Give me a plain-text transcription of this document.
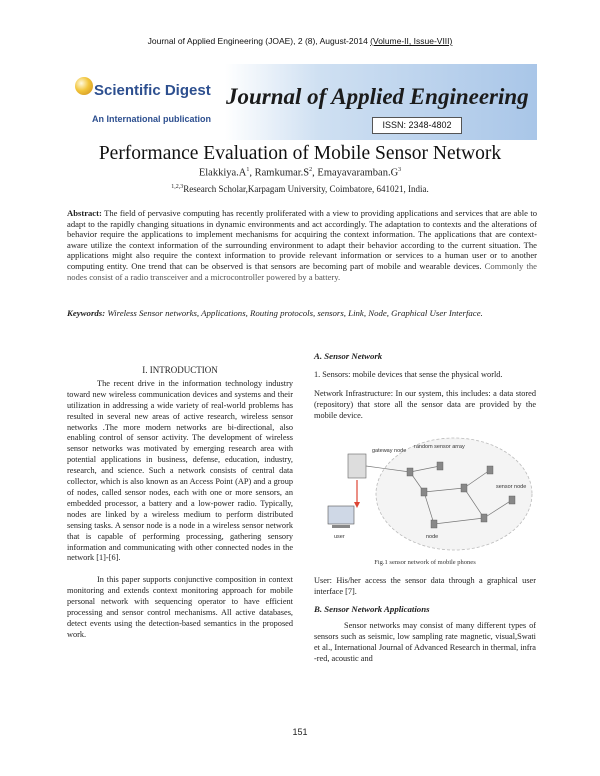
Journal of Applied Engineering (JOAE), 2 (8), August-2014 (Volume-II, Issue-VIII)
Scientific Digest
An International publication
Journal of Applied Engineering
ISSN: 2348-4802
Performance Evaluation of Mobile Sensor Network
$Elakkiya.A^1$, $Ramkumar.S^2$, $Emayavaramban.G^3$
$^{1,2,3}$Research Scholar,Karpagam University, Coimbatore, 641021, India.
Abstract: The field of pervasive computing has recently proliferated with a view to providing applications and services that are able to adapt to the rapidly changing situations in dynamic environments and act accordingly. The adaptation to contexts and the alterations of behavior require the applications to implement mechanisms for acquiring the context information. The applications that are context-aware utilize the context information of the surrounding environment to adapt their behavior according to the current situation. The applications might also require the context information to provide relevant information or services to a human user or to another computing entity. One trend that can be observed is that sensors are becoming part of mobile and wearable devices. Commonly the nodes consist of a radio transceiver and a microcontroller powered by a battery.
Keywords: Wireless Sensor networks, Applications, Routing protocols, sensors, Link, Node, Graphical User Interface.
I. INTRODUCTION

The recent drive in the information technology industry toward new wireless communication devices and systems and their utilization in addressing a wide variety of real-world problems has resulted in several new areas of active research, wireless sensor networks .The more modern networks are bi-directional, also enabling control of sensor activity. The development of wireless sensor networks was motivated by emerging research area with potential applications in business, defense, education, industry, research, and science. Such a network consists of central data collector, which is also known as an Access Point (AP) and a group of nodes, called sensor nodes, each with one or more sensors, an embedded processor, a battery and a low-power radio. Typically, nodes are linked by a wireless medium to perform distributed sensing tasks. A sensor node is a node in a wireless sensor network that is capable of performing processing, gathering sensory information and communicating with other connected nodes in the network [1]-[6].

In this paper supports conjunctive composition in context monitoring and extends context monitoring approach for mobile personal network with sequencing operator to have efficient processing and sensor control mechanisms. All active databases, detect events using the detection-based semantics in the proposed work.

A. Sensor Network

1. Sensors: mobile devices that sense the physical world.

Network Infrastructure: In our system, this includes: a data stored (repository) that store all the sensor data are provided by the mobile device.

gateway node
random sensor array
sensor node
user	node
Fig.1 sensor network of mobile phones

User: His/her access the sensor data through a graphical user interface [7].

B. Sensor Network Applications

Sensor networks may consist of many different types of sensors such as seismic, low sampling rate magnetic, visual,Swati et al., International Journal of Advanced Research in thermal, infra -red, acoustic and

151
